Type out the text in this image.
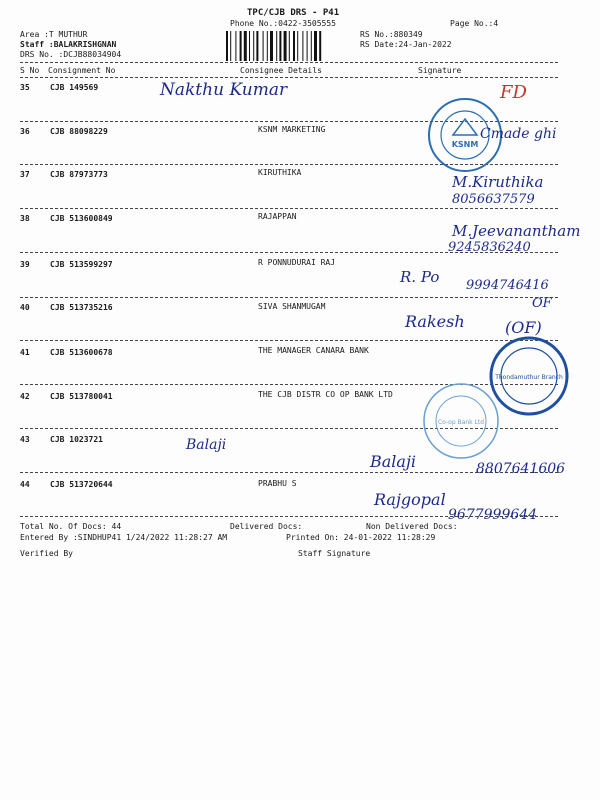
TPC/CJB DRS - P41
Phone No.:0422-3505555	Page No.:4
Area :T MUTHUR
Staff :BALAKRISHGNAN
DRS No. :DCJB88034904
RS No.:880349
RS Date:24-Jan-2022
S No Consignment No	Consignee Details	Signature
35	CJB 149569
36	CJB 88098229	KSNM MARKETING
37	CJB 87973773	KIRUTHIKA
38	CJB 513600849	RAJAPPAN
39	CJB 513599297	R PONNUDURAI RAJ
40	CJB 513735216	SIVA SHANMUGAM
41	CJB 513600678	THE MANAGER CANARA BANK
42	CJB 513780041	THE CJB DISTR CO OP BANK LTD
43	CJB 1023721
44	CJB 513720644	PRABHU S
KSNM
Thondamuthur Branch
Co-op Bank Ltd
Nakthu Kumar	FD
Cmade ghi
M.Kiruthika
8056637579
M.Jeevanantham
9245836240
R. Po 9994746416
OF
Rakesh	(OF)
Balaji
Balaji	8807641606
Rajgopal
9677999644
Total No. Of Docs: 44	Delivered Docs:	Non Delivered Docs:
Entered By :SINDHUP41 1/24/2022 11:28:27 AM	Printed On: 24-01-2022 11:28:29
Verified By	Staff Signature
